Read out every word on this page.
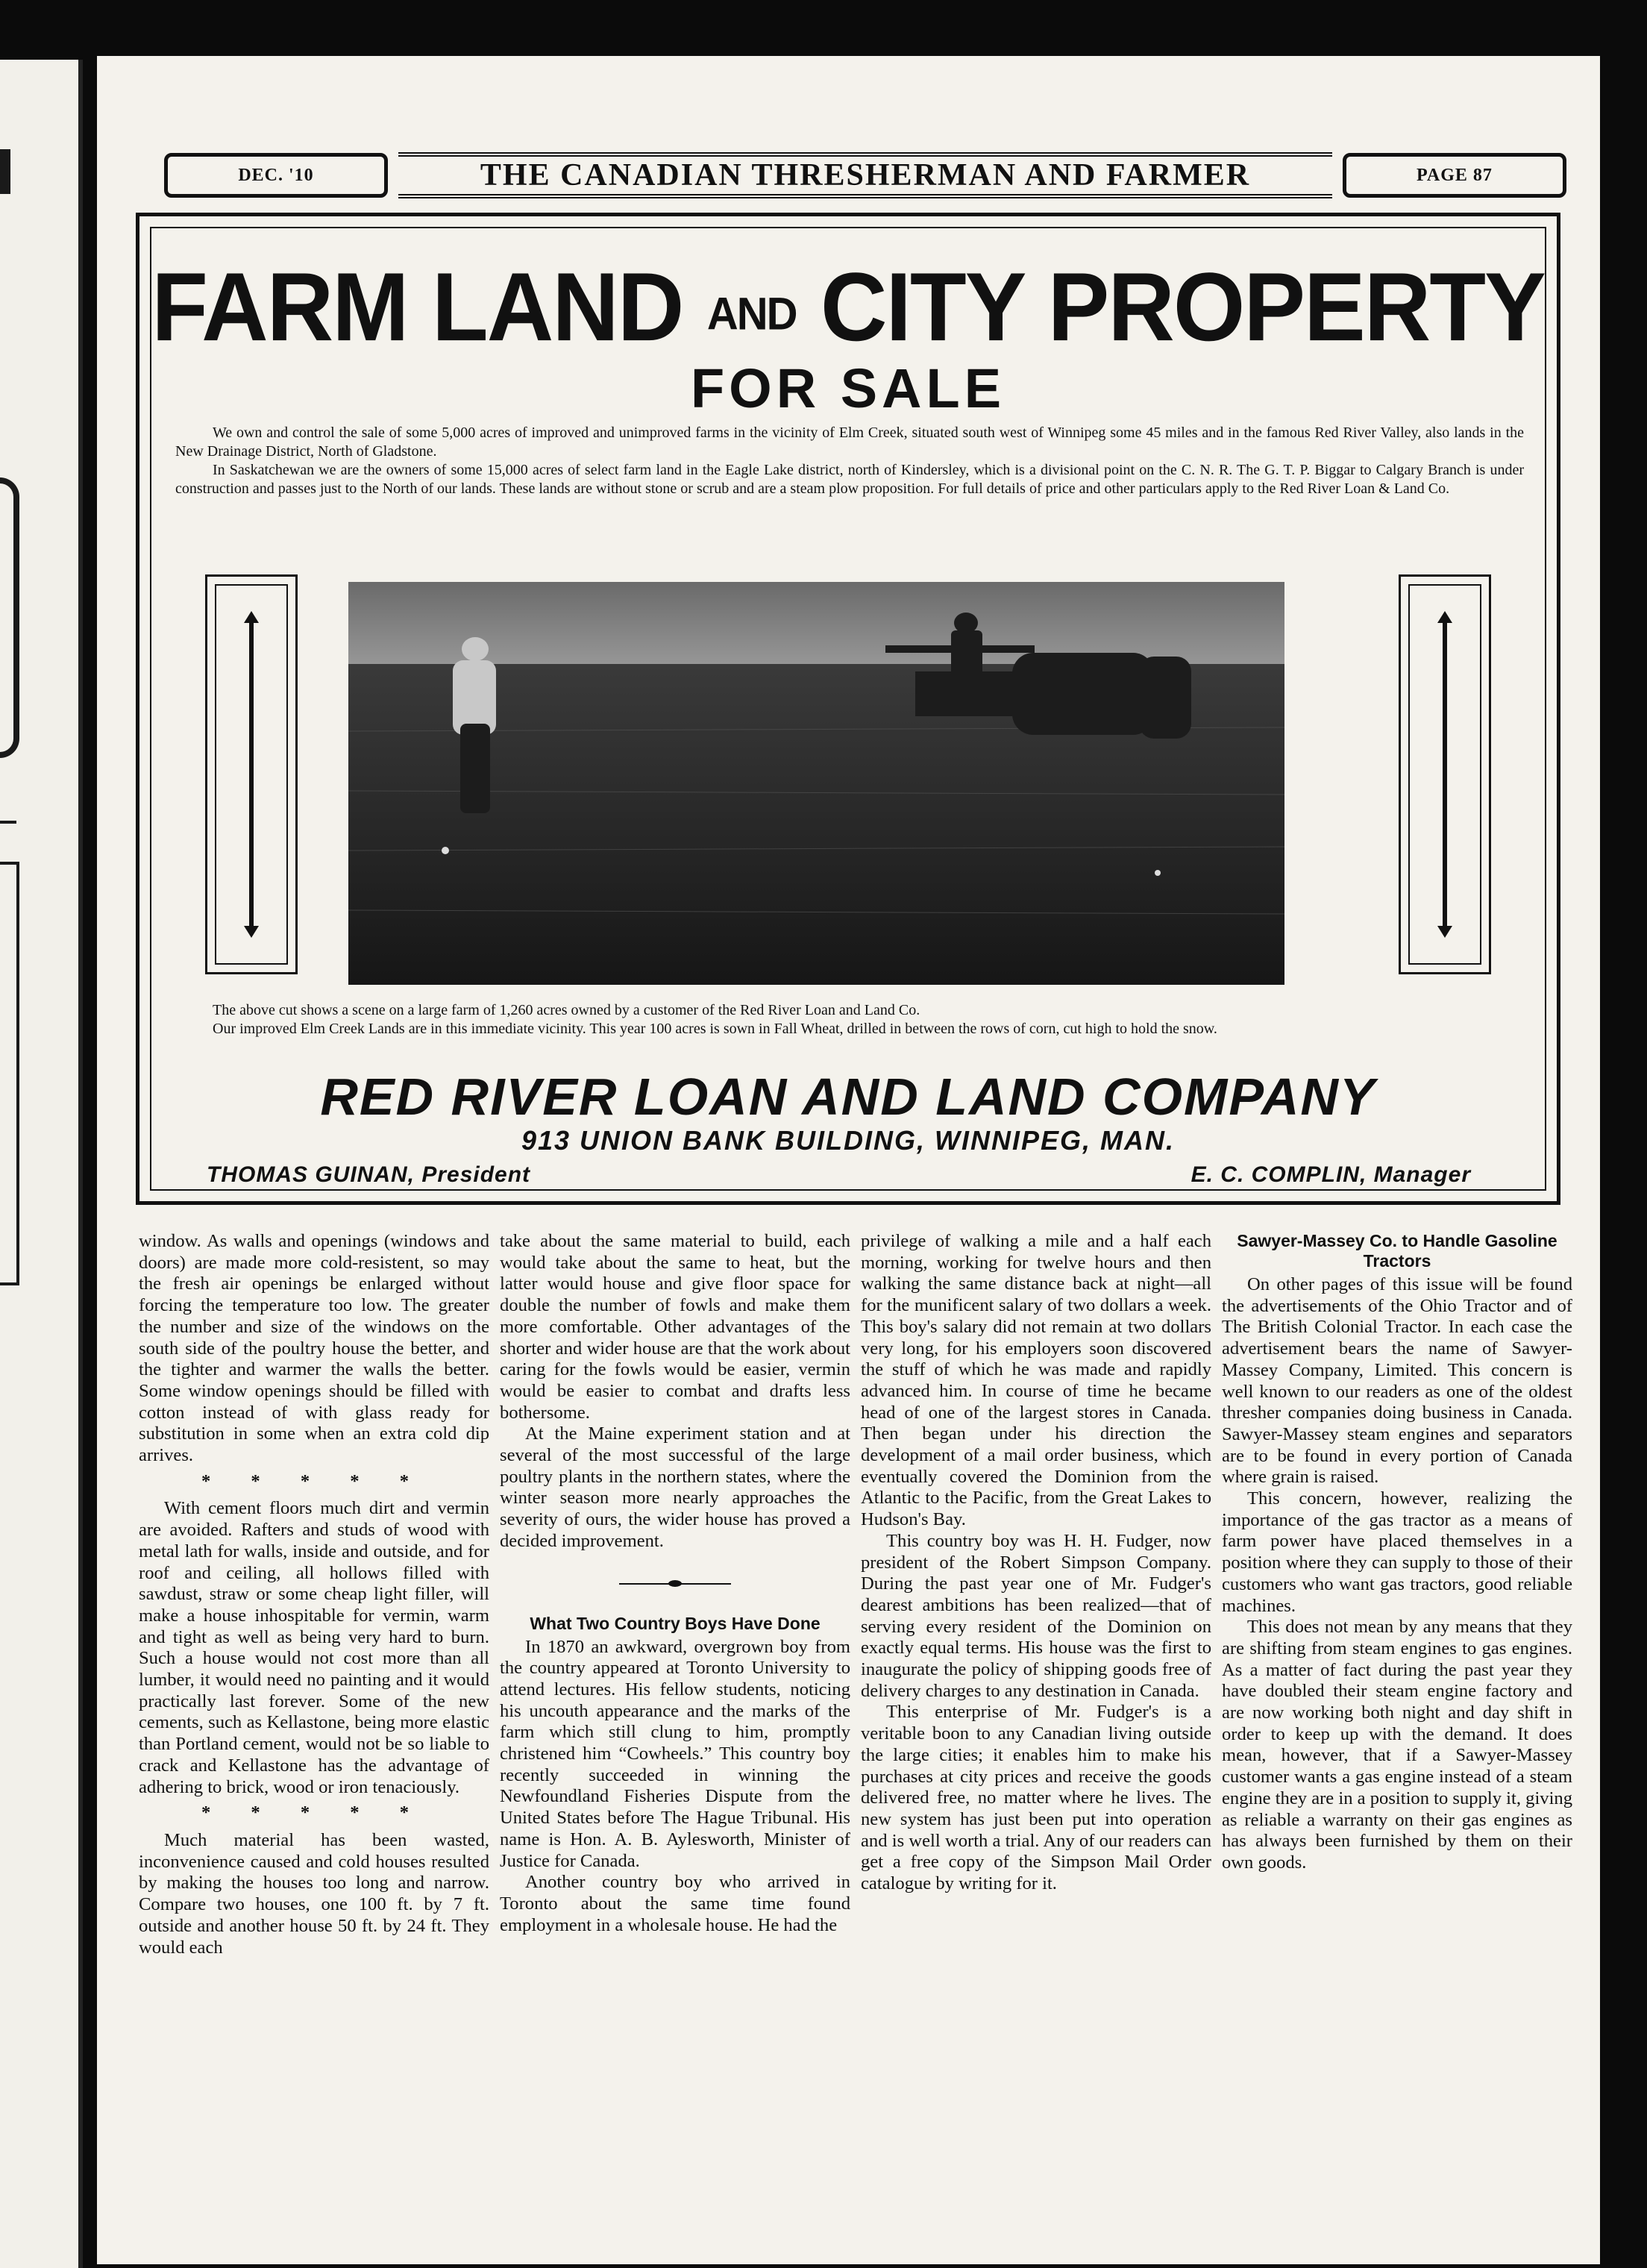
DEC. '10	THE CANADIAN THRESHERMAN AND FARMER	PAGE 87
FARM LAND AND CITY PROPERTY
FOR SALE

We own and control the sale of some 5,000 acres of improved and unimproved farms in the vicinity of Elm Creek, situated south west of Winnipeg some 45 miles and in the famous Red River Valley, also lands in the New Drainage District, North of Gladstone.

In Saskatchewan we are the owners of some 15,000 acres of select farm land in the Eagle Lake district, north of Kindersley, which is a divisional point on the C. N. R. The G. T. P. Biggar to Calgary Branch is under construction and passes just to the North of our lands. These lands are without stone or scrub and are a steam plow proposition. For full details of price and other particulars apply to the Red River Loan & Land Co.

The above cut shows a scene on a large farm of 1,260 acres owned by a customer of the Red River Loan and Land Co.

Our improved Elm Creek Lands are in this immediate vicinity. This year 100 acres is sown in Fall Wheat, drilled in between the rows of corn, cut high to hold the snow.

RED RIVER LOAN AND LAND COMPANY
913 UNION BANK BUILDING, WINNIPEG, MAN.
THOMAS GUINAN, President	E. C. COMPLIN, Manager

window. As walls and openings (windows and doors) are made more cold-resistent, so may the fresh air openings be enlarged without forcing the temperature too low. The greater the number and size of the windows on the south side of the poultry house the better, and the tighter and warmer the walls the better. Some window openings should be filled with cotton instead of with glass ready for substitution in some when an extra cold dip arrives.

* * * * *

With cement floors much dirt and vermin are avoided. Rafters and studs of wood with metal lath for walls, inside and outside, and for roof and ceiling, all hollows filled with sawdust, straw or some cheap light filler, will make a house inhospitable for vermin, warm and tight as well as being very hard to burn. Such a house would not cost more than all lumber, it would need no painting and it would practically last forever. Some of the new cements, such as Kellastone, being more elastic than Portland cement, would not be so liable to crack and Kellastone has the advantage of adhering to brick, wood or iron tenaciously.

* * * * *

Much material has been wasted, inconvenience caused and cold houses resulted by making the houses too long and narrow. Compare two houses, one 100 ft. by 7 ft. outside and another house 50 ft. by 24 ft. They would each

take about the same material to build, each would take about the same to heat, but the latter would house and give floor space for double the number of fowls and make them more comfortable. Other advantages of the shorter and wider house are that the work about caring for the fowls would be easier, vermin would be easier to combat and drafts less bothersome.

At the Maine experiment station and at several of the most successful of the large poultry plants in the northern states, where the winter season more nearly approaches the severity of ours, the wider house has proved a decided improvement.

What Two Country Boys Have Done

In 1870 an awkward, overgrown boy from the country appeared at Toronto University to attend lectures. His fellow students, noticing his uncouth appearance and the marks of the farm which still clung to him, promptly christened him “Cowheels.” This country boy recently succeeded in winning the Newfoundland Fisheries Dispute from the United States before The Hague Tribunal. His name is Hon. A. B. Aylesworth, Minister of Justice for Canada.

Another country boy who arrived in Toronto about the same time found employment in a wholesale house. He had the

privilege of walking a mile and a half each morning, working for twelve hours and then walking the same distance back at night—all for the munificent salary of two dollars a week. This boy's salary did not remain at two dollars very long, for his employers soon discovered the stuff of which he was made and rapidly advanced him. In course of time he became head of one of the largest stores in Canada. Then began under his direction the development of a mail order business, which eventually covered the Dominion from the Atlantic to the Pacific, from the Great Lakes to Hudson's Bay.

This country boy was H. H. Fudger, now president of the Robert Simpson Company. During the past year one of Mr. Fudger's dearest ambitions has been realized—that of serving every resident of the Dominion on exactly equal terms. His house was the first to inaugurate the policy of shipping goods free of delivery charges to any destination in Canada.

This enterprise of Mr. Fudger's is a veritable boon to any Canadian living outside the large cities; it enables him to make his purchases at city prices and receive the goods delivered free, no matter where he lives. The new system has just been put into operation and is well worth a trial. Any of our readers can get a free copy of the Simpson Mail Order catalogue by writing for it.

Sawyer-Massey Co. to Handle Gasoline Tractors

On other pages of this issue will be found the advertisements of the Ohio Tractor and of The British Colonial Tractor. In each case the advertisement bears the name of Sawyer-Massey Company, Limited. This concern is well known to our readers as one of the oldest thresher companies doing business in Canada. Sawyer-Massey steam engines and separators are to be found in every portion of Canada where grain is raised.

This concern, however, realizing the importance of the gas tractor as a means of farm power have placed themselves in a position where they can supply to those of their customers who want gas tractors, good reliable machines.

This does not mean by any means that they are shifting from steam engines to gas engines. As a matter of fact during the past year they have doubled their steam engine factory and are now working both night and day shift in order to keep up with the demand. It does mean, however, that if a Sawyer-Massey customer wants a gas engine instead of a steam engine they are in a position to supply it, giving as reliable a warranty on their gas engines as has always been furnished by them on their own goods.
